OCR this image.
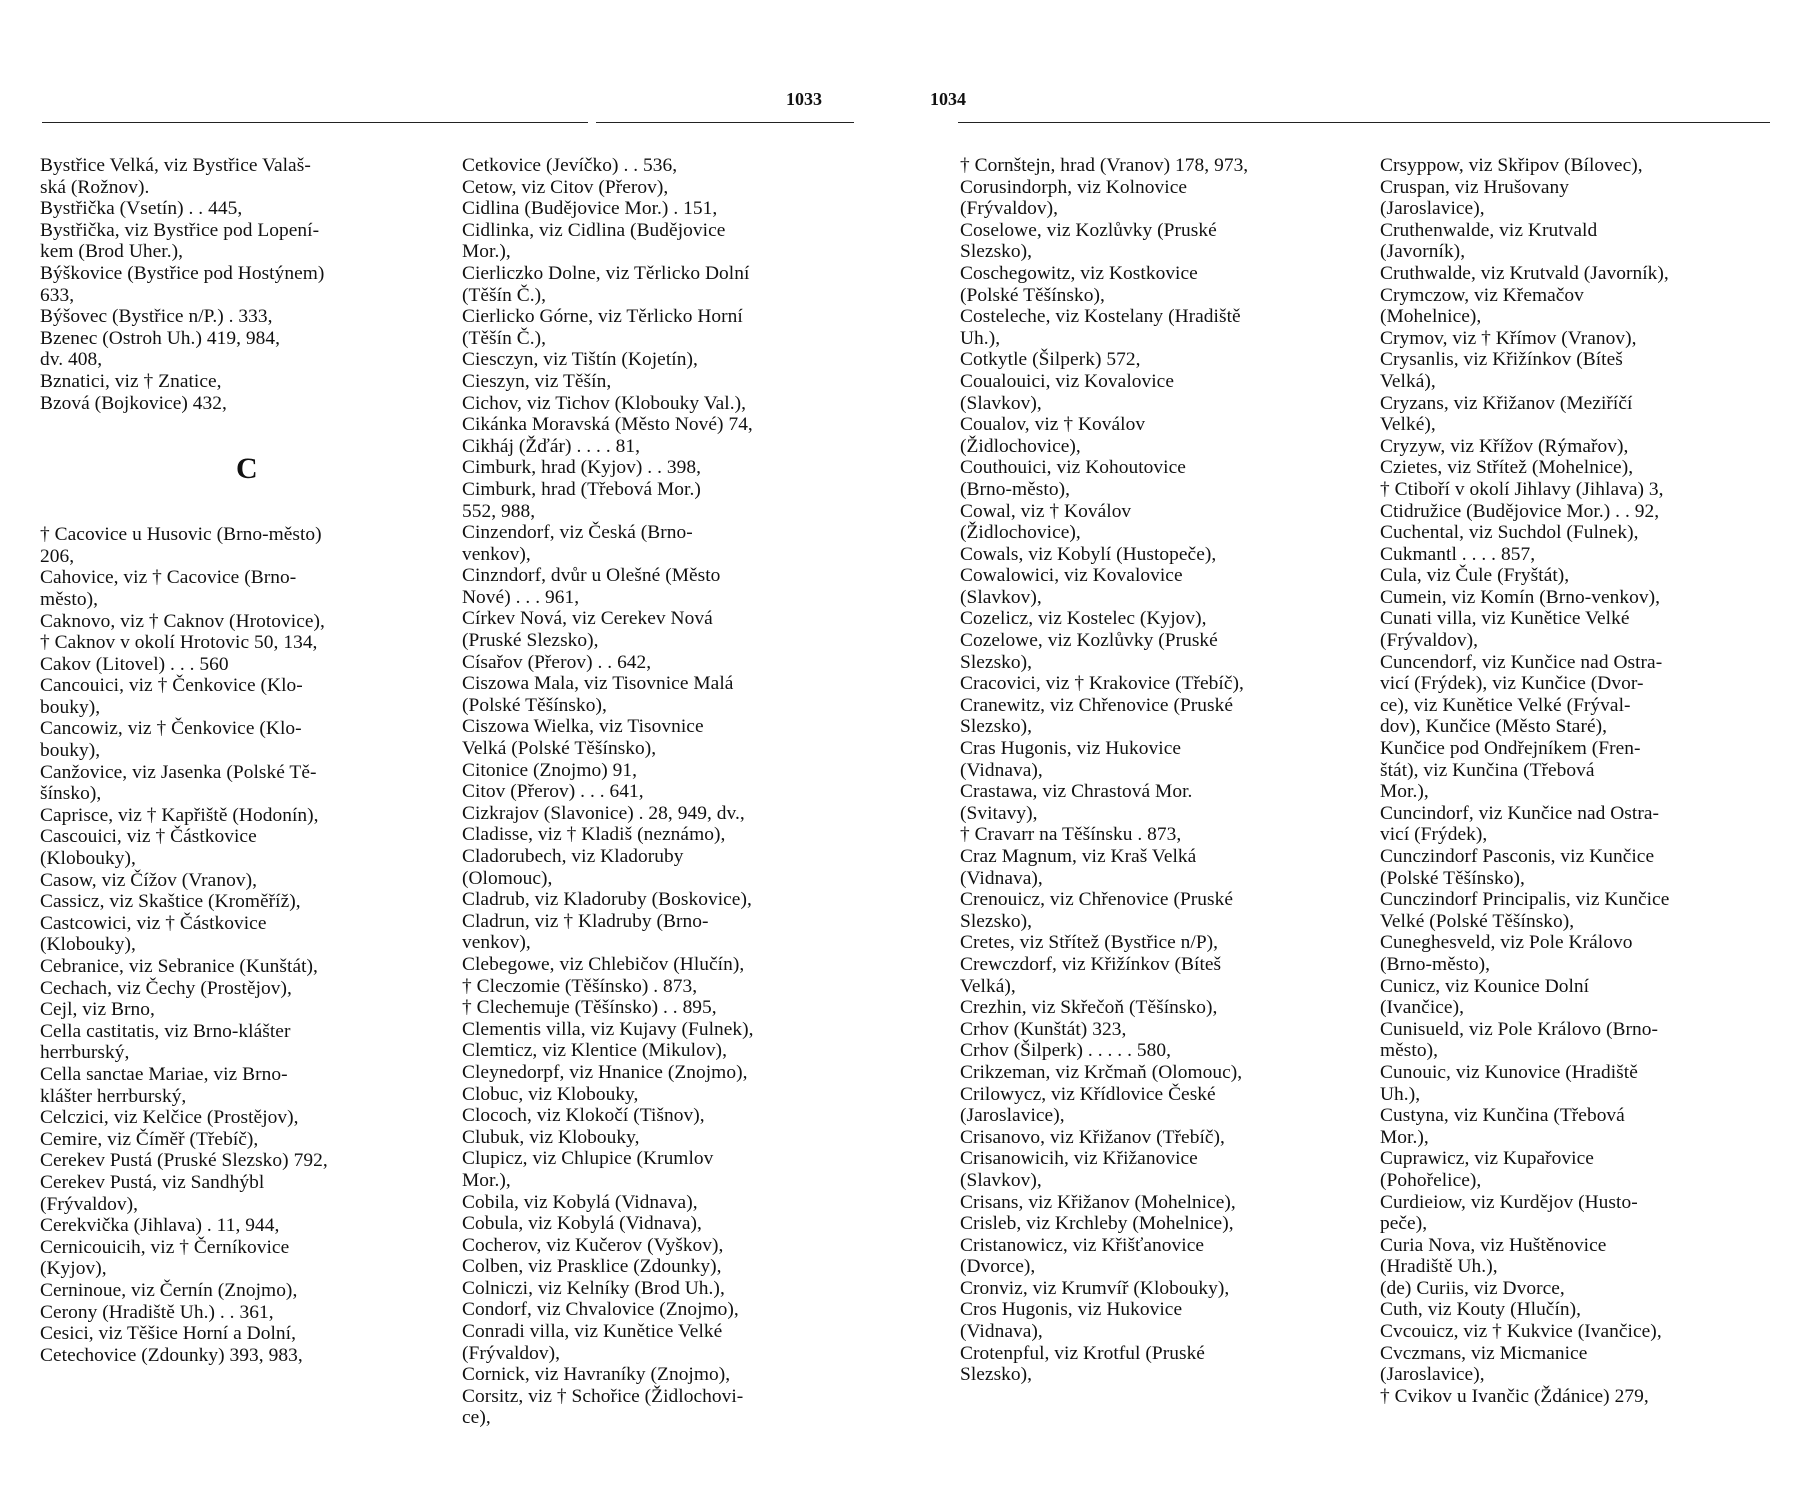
1033	1034
Bystřice Velká, viz Bystřice Valaš-
ská (Rožnov).
Bystřička (Vsetín) . . 445,
Bystřička, viz Bystřice pod Lopení-
kem (Brod Uher.),
Býškovice (Bystřice pod Hostýnem)
633,
Býšovec (Bystřice n/P.) . 333,
Bzenec (Ostroh Uh.) 419, 984,
dv. 408,
Bznatici, viz † Znatice,
Bzová (Bojkovice) 432,
C
† Cacovice u Husovic (Brno-město)
206,
Cahovice, viz † Cacovice (Brno-
město),
Caknovo, viz † Caknov (Hrotovice),
† Caknov v okolí Hrotovic 50, 134,
Cakov (Litovel) . . . 560
Cancouici, viz † Čenkovice (Klo-
bouky),
Cancowiz, viz † Čenkovice (Klo-
bouky),
Canžovice, viz Jasenka (Polské Tě-
šínsko),
Caprisce, viz † Kapřiště (Hodonín),
Cascouici, viz † Částkovice
(Klobouky),
Casow, viz Čížov (Vranov),
Cassicz, viz Skaštice (Kroměříž),
Castcowici, viz † Částkovice
(Klobouky),
Cebranice, viz Sebranice (Kunštát),
Cechach, viz Čechy (Prostějov),
Cejl, viz Brno,
Cella castitatis, viz Brno-klášter
herrburský,
Cella sanctae Mariae, viz Brno-
klášter herrburský,
Celczici, viz Kelčice (Prostějov),
Cemire, viz Číměř (Třebíč),
Cerekev Pustá (Pruské Slezsko) 792,
Cerekev Pustá, viz Sandhýbl
(Frývaldov),
Cerekvička (Jihlava) . 11, 944,
Cernicouicih, viz † Černíkovice
(Kyjov),
Cerninoue, viz Černín (Znojmo),
Cerony (Hradiště Uh.) . . 361,
Cesici, viz Těšice Horní a Dolní,
Cetechovice (Zdounky) 393, 983,
Cetkovice (Jevíčko) . . 536,
Cetow, viz Citov (Přerov),
Cidlina (Budějovice Mor.) . 151,
Cidlinka, viz Cidlina (Budějovice
Mor.),
Cierliczko Dolne, viz Těrlicko Dolní
(Těšín Č.),
Cierlicko Górne, viz Těrlicko Horní
(Těšín Č.),
Ciesczyn, viz Tištín (Kojetín),
Cieszyn, viz Těšín,
Cichov, viz Tichov (Klobouky Val.),
Cikánka Moravská (Město Nové) 74,
Cikháj (Žďár) . . . . 81,
Cimburk, hrad (Kyjov) . . 398,
Cimburk, hrad (Třebová Mor.)
552, 988,
Cinzendorf, viz Česká (Brno-
venkov),
Cinzndorf, dvůr u Olešné (Město
Nové) . . . 961,
Církev Nová, viz Cerekev Nová
(Pruské Slezsko),
Císařov (Přerov) . . 642,
Ciszowa Mala, viz Tisovnice Malá
(Polské Těšínsko),
Ciszowa Wielka, viz Tisovnice
Velká (Polské Těšínsko),
Citonice (Znojmo) 91,
Citov (Přerov) . . . 641,
Cizkrajov (Slavonice) . 28, 949, dv.,
Cladisse, viz † Kladiš (neznámo),
Cladorubech, viz Kladoruby
(Olomouc),
Cladrub, viz Kladoruby (Boskovice),
Cladrun, viz † Kladruby (Brno-
venkov),
Clebegowe, viz Chlebičov (Hlučín),
† Cleczomie (Těšínsko) . 873,
† Clechemuje (Těšínsko) . . 895,
Clementis villa, viz Kujavy (Fulnek),
Clemticz, viz Klentice (Mikulov),
Cleynedorpf, viz Hnanice (Znojmo),
Clobuc, viz Klobouky,
Clococh, viz Klokočí (Tišnov),
Clubuk, viz Klobouky,
Clupicz, viz Chlupice (Krumlov
Mor.),
Cobila, viz Kobylá (Vidnava),
Cobula, viz Kobylá (Vidnava),
Cocherov, viz Kučerov (Vyškov),
Colben, viz Prasklice (Zdounky),
Colniczi, viz Kelníky (Brod Uh.),
Condorf, viz Chvalovice (Znojmo),
Conradi villa, viz Kunětice Velké
(Frývaldov),
Cornick, viz Havraníky (Znojmo),
Corsitz, viz † Schořice (Židlochovi-
ce),
† Cornštejn, hrad (Vranov) 178, 973,
Corusindorph, viz Kolnovice
(Frývaldov),
Coselowe, viz Kozlůvky (Pruské
Slezsko),
Coschegowitz, viz Kostkovice
(Polské Těšínsko),
Costeleche, viz Kostelany (Hradiště
Uh.),
Cotkytle (Šilperk) 572,
Coualouici, viz Kovalovice
(Slavkov),
Coualov, viz † Koválov
(Židlochovice),
Couthouici, viz Kohoutovice
(Brno-město),
Cowal, viz † Koválov
(Židlochovice),
Cowals, viz Kobylí (Hustopeče),
Cowalowici, viz Kovalovice
(Slavkov),
Cozelicz, viz Kostelec (Kyjov),
Cozelowe, viz Kozlůvky (Pruské
Slezsko),
Cracovici, viz † Krakovice (Třebíč),
Cranewitz, viz Chřenovice (Pruské
Slezsko),
Cras Hugonis, viz Hukovice
(Vidnava),
Crastawa, viz Chrastová Mor.
(Svitavy),
† Cravarr na Těšínsku . 873,
Craz Magnum, viz Kraš Velká
(Vidnava),
Crenouicz, viz Chřenovice (Pruské
Slezsko),
Cretes, viz Střítež (Bystřice n/P),
Crewczdorf, viz Křižínkov (Bíteš
Velká),
Crezhin, viz Skřečoň (Těšínsko),
Crhov (Kunštát) 323,
Crhov (Šilperk) . . . . . 580,
Crikzeman, viz Krčmaň (Olomouc),
Crilowycz, viz Křídlovice České
(Jaroslavice),
Crisanovo, viz Křižanov (Třebíč),
Crisanowicih, viz Křižanovice
(Slavkov),
Crisans, viz Křižanov (Mohelnice),
Crisleb, viz Krchleby (Mohelnice),
Cristanowicz, viz Křišťanovice
(Dvorce),
Cronviz, viz Krumvíř (Klobouky),
Cros Hugonis, viz Hukovice
(Vidnava),
Crotenpful, viz Krotful (Pruské
Slezsko),
Crsyppow, viz Skřipov (Bílovec),
Cruspan, viz Hrušovany
(Jaroslavice),
Cruthenwalde, viz Krutvald
(Javorník),
Cruthwalde, viz Krutvald (Javorník),
Crymczow, viz Křemačov
(Mohelnice),
Crymov, viz † Křímov (Vranov),
Crysanlis, viz Křižínkov (Bíteš
Velká),
Cryzans, viz Křižanov (Meziříčí
Velké),
Cryzyw, viz Křížov (Rýmařov),
Czietes, viz Střítež (Mohelnice),
† Ctiboří v okolí Jihlavy (Jihlava) 3,
Ctidružice (Budějovice Mor.) . . 92,
Cuchental, viz Suchdol (Fulnek),
Cukmantl . . . . 857,
Cula, viz Čule (Fryštát),
Cumein, viz Komín (Brno-venkov),
Cunati villa, viz Kunětice Velké
(Frývaldov),
Cuncendorf, viz Kunčice nad Ostra-
vicí (Frýdek), viz Kunčice (Dvor-
ce), viz Kunětice Velké (Frýval-
dov), Kunčice (Město Staré),
Kunčice pod Ondřejníkem (Fren-
štát), viz Kunčina (Třebová
Mor.),
Cuncindorf, viz Kunčice nad Ostra-
vicí (Frýdek),
Cunczindorf Pasconis, viz Kunčice
(Polské Těšínsko),
Cunczindorf Principalis, viz Kunčice
Velké (Polské Těšínsko),
Cuneghesveld, viz Pole Královo
(Brno-město),
Cunicz, viz Kounice Dolní
(Ivančice),
Cunisueld, viz Pole Královo (Brno-
město),
Cunouic, viz Kunovice (Hradiště
Uh.),
Custyna, viz Kunčina (Třebová
Mor.),
Cuprawicz, viz Kupařovice
(Pohořelice),
Curdieiow, viz Kurdějov (Husto-
peče),
Curia Nova, viz Huštěnovice
(Hradiště Uh.),
(de) Curiis, viz Dvorce,
Cuth, viz Kouty (Hlučín),
Cvcouicz, viz † Kukvice (Ivančice),
Cvczmans, viz Micmanice
(Jaroslavice),
† Cvikov u Ivančic (Ždánice) 279,
